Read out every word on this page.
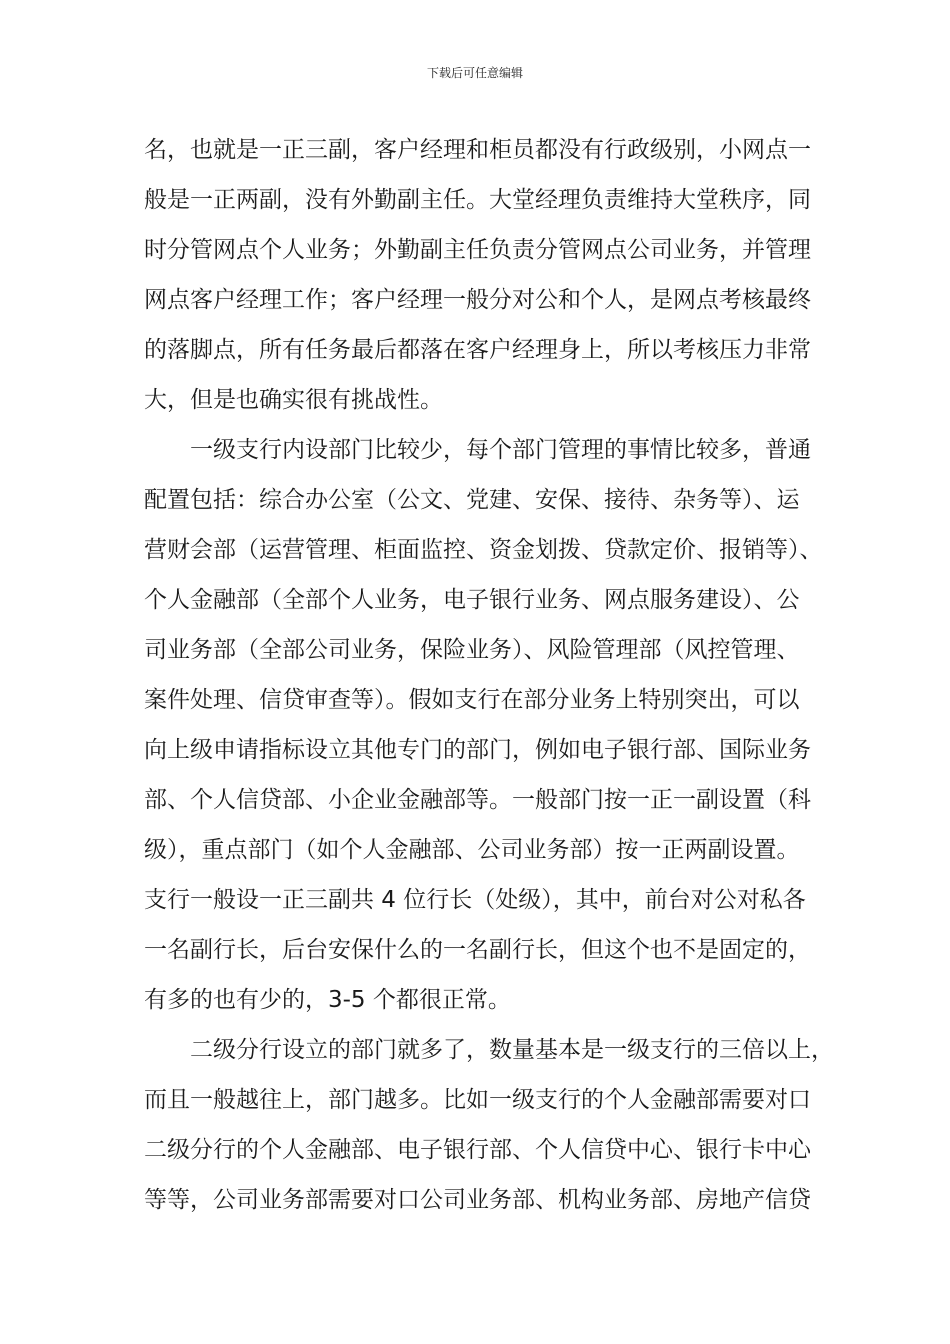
下载后可任意编辑
名，也就是一正三副，客户经理和柜员都没有行政级别，小网点一
般是一正两副，没有外勤副主任。大堂经理负责维持大堂秩序，同
时分管网点个人业务；外勤副主任负责分管网点公司业务，并管理
网点客户经理工作；客户经理一般分对公和个人，是网点考核最终
的落脚点，所有任务最后都落在客户经理身上，所以考核压力非常
大，但是也确实很有挑战性。
一级支行内设部门比较少，每个部门管理的事情比较多，普通
配置包括：综合办公室（公文、党建、安保、接待、杂务等）、运
营财会部（运营管理、柜面监控、资金划拨、贷款定价、报销等）、
个人金融部（全部个人业务，电子银行业务、网点服务建设）、公
司业务部（全部公司业务，保险业务）、风险管理部（风控管理、
案件处理、信贷审查等）。假如支行在部分业务上特别突出，可以
向上级申请指标设立其他专门的部门，例如电子银行部、国际业务
部、个人信贷部、小企业金融部等。一般部门按一正一副设置（科
级），重点部门（如个人金融部、公司业务部）按一正两副设置。
支行一般设一正三副共 4 位行长（处级），其中，前台对公对私各
一名副行长，后台安保什么的一名副行长，但这个也不是固定的，
有多的也有少的，3-5 个都很正常。
二级分行设立的部门就多了，数量基本是一级支行的三倍以上，
而且一般越往上，部门越多。比如一级支行的个人金融部需要对口
二级分行的个人金融部、电子银行部、个人信贷中心、银行卡中心
等等，公司业务部需要对口公司业务部、机构业务部、房地产信贷
